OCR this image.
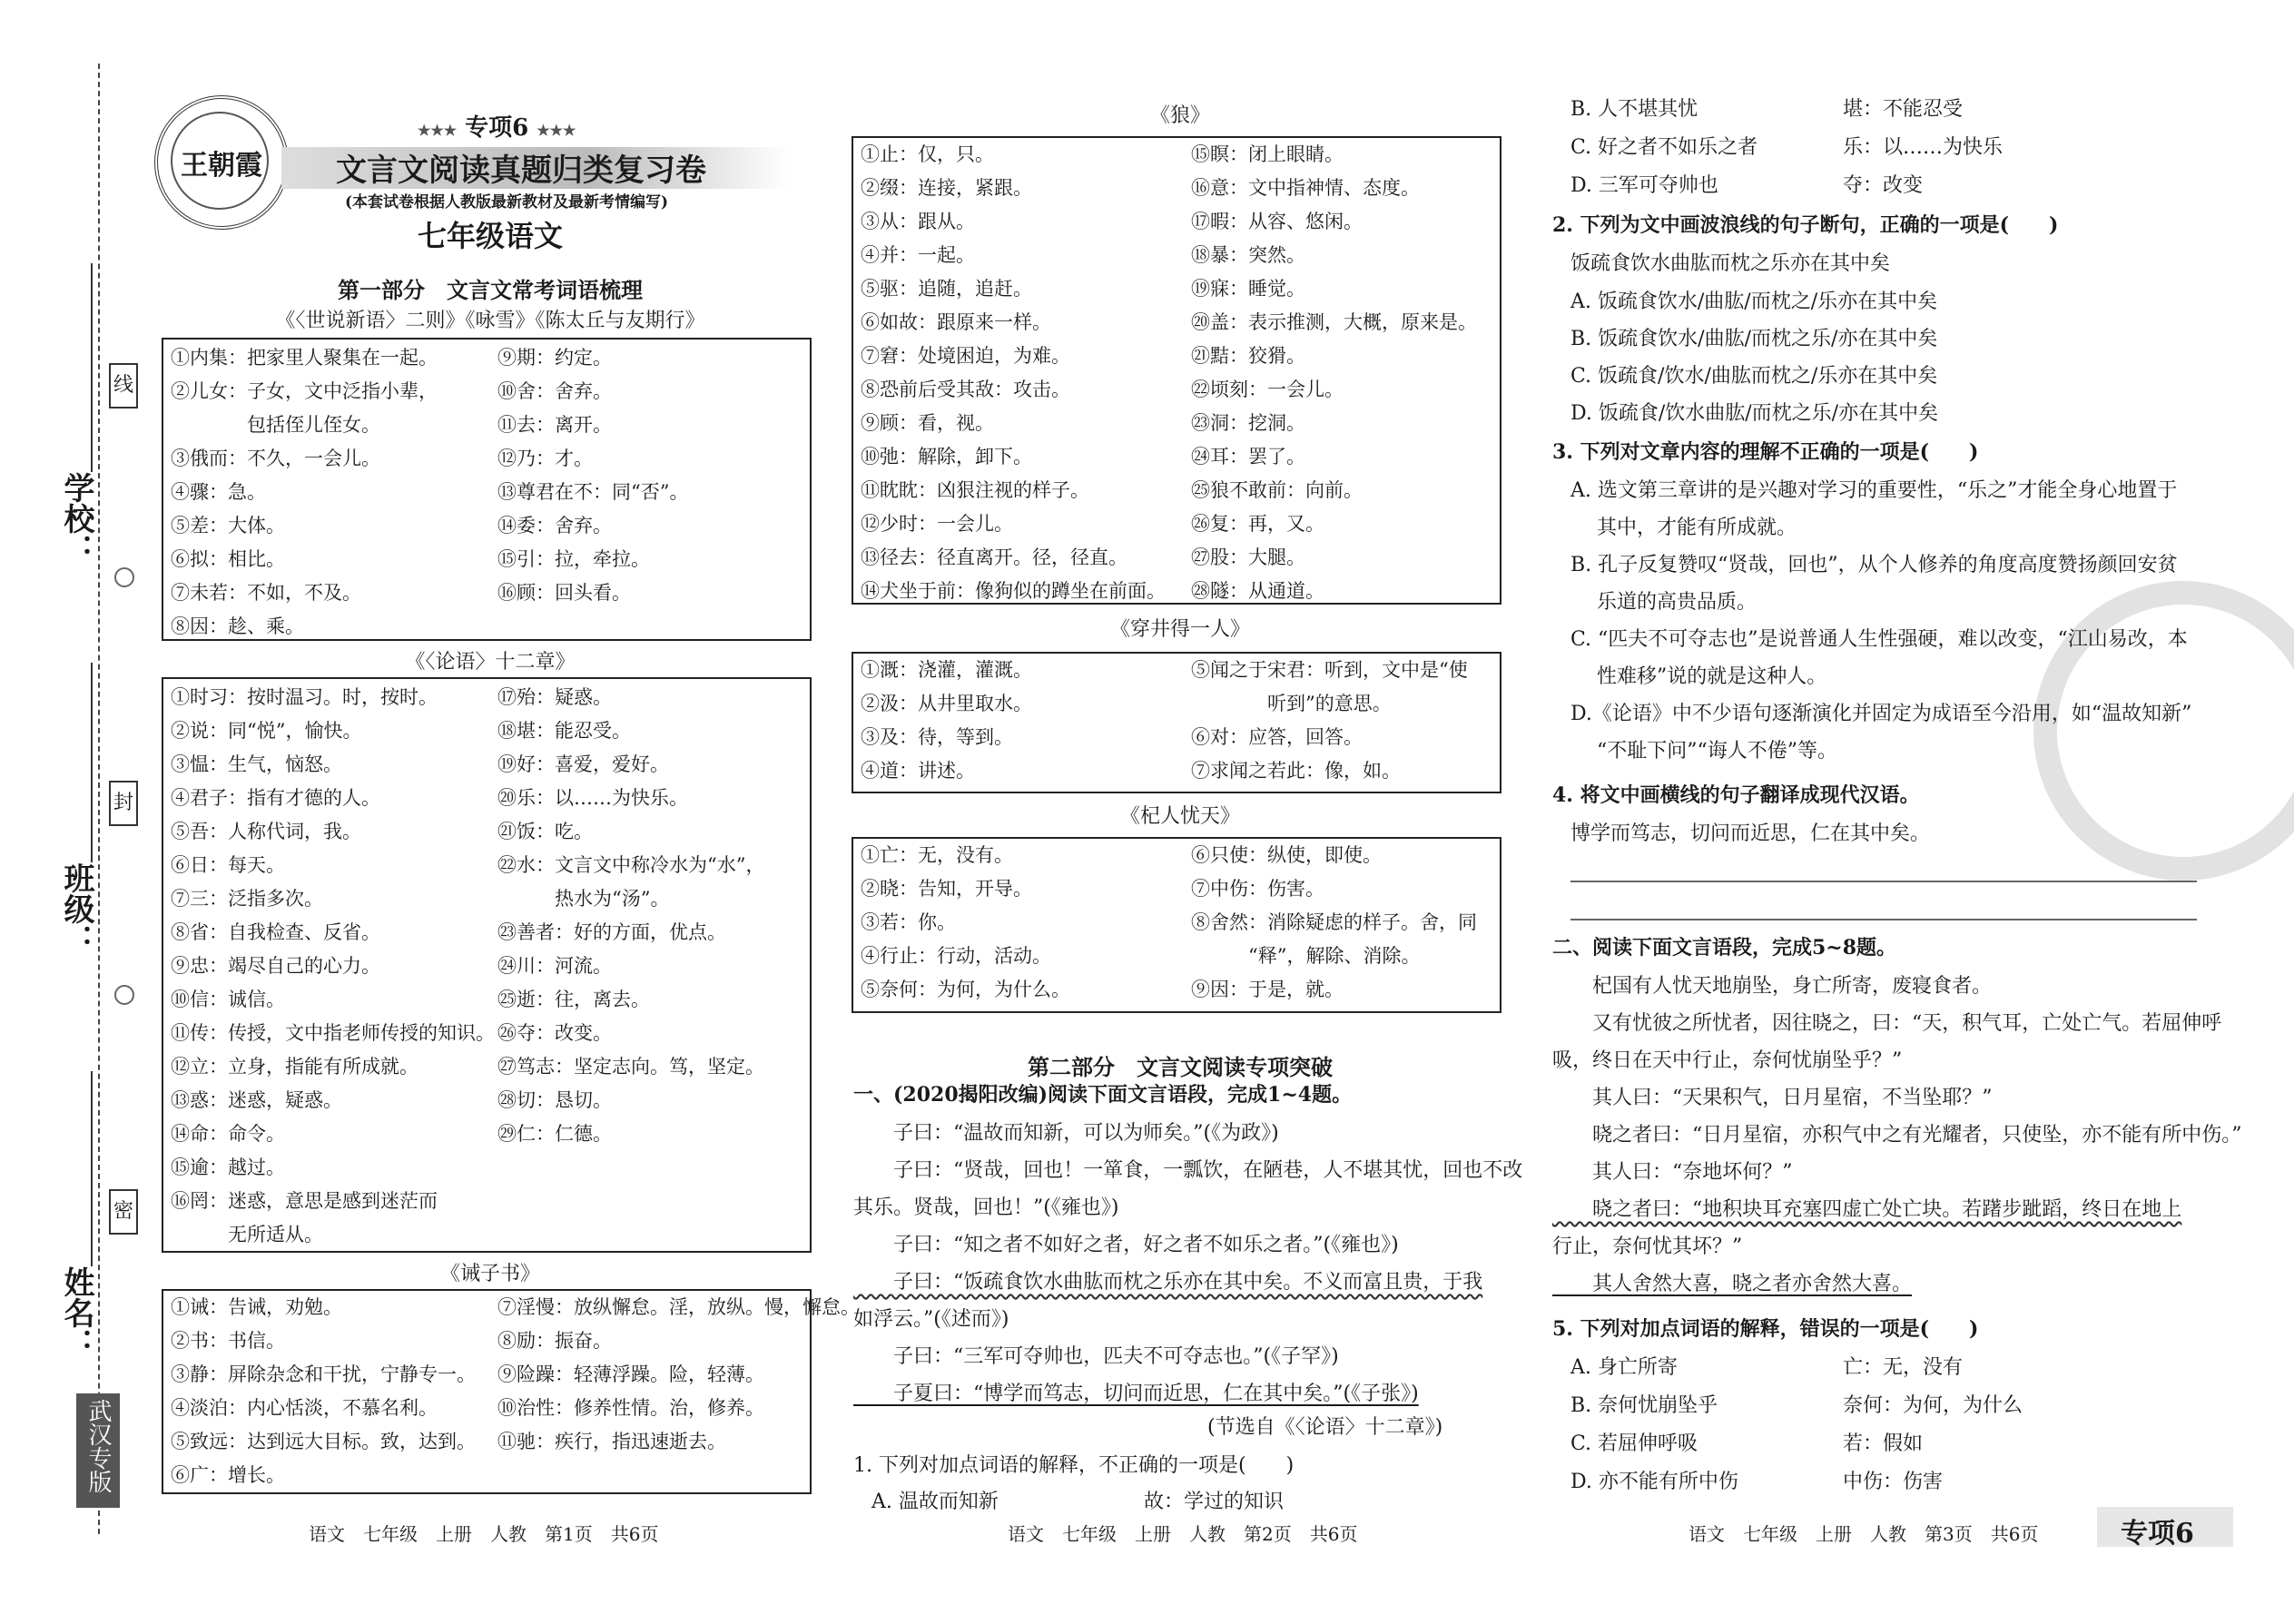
线
封
密
学校：
班级：
姓名：
武汉专版
王朝霞
★★★ 专项6 ★★★
文言文阅读真题归类复习卷
(本套试卷根据人教版最新教材及最新考情编写)
七年级语文
第一部分　文言文常考词语梳理
《〈世说新语〉二则》《咏雪》《陈太丘与友期行》
①内集：把家里人聚集在一起。
②儿女：子女，文中泛指小辈，
　　　　包括侄儿侄女。
③俄而：不久，一会儿。
④骤：急。
⑤差：大体。
⑥拟：相比。
⑦未若：不如，不及。
⑧因：趁、乘。
⑨期：约定。
⑩舍：舍弃。
⑪去：离开。
⑫乃：才。
⑬尊君在不：同“否”。
⑭委：舍弃。
⑮引：拉，牵拉。
⑯顾：回头看。
《〈论语〉十二章》
①时习：按时温习。时，按时。
②说：同“悦”，愉快。
③愠：生气，恼怒。
④君子：指有才德的人。
⑤吾：人称代词，我。
⑥日：每天。
⑦三：泛指多次。
⑧省：自我检查、反省。
⑨忠：竭尽自己的心力。
⑩信：诚信。
⑪传：传授，文中指老师传授的知识。
⑫立：立身，指能有所成就。
⑬惑：迷惑，疑惑。
⑭命：命令。
⑮逾：越过。
⑯罔：迷惑，意思是感到迷茫而
　　　无所适从。
⑰殆：疑惑。
⑱堪：能忍受。
⑲好：喜爱，爱好。
⑳乐：以……为快乐。
㉑饭：吃。
㉒水：文言文中称冷水为“水”，
　　　热水为“汤”。
㉓善者：好的方面，优点。
㉔川：河流。
㉕逝：往，离去。
㉖夺：改变。
㉗笃志：坚定志向。笃，坚定。
㉘切：恳切。
㉙仁：仁德。
《诫子书》
①诫：告诫，劝勉。
②书：书信。
③静：屏除杂念和干扰，宁静专一。
④淡泊：内心恬淡，不慕名利。
⑤致远：达到远大目标。致，达到。
⑥广：增长。
⑦淫慢：放纵懈怠。淫，放纵。慢，懈怠。
⑧励：振奋。
⑨险躁：轻薄浮躁。险，轻薄。
⑩治性：修养性情。治，修养。
⑪驰：疾行，指迅速逝去。
语文　七年级　上册　人教　第1页　共6页
《狼》
①止：仅，只。
②缀：连接，紧跟。
③从：跟从。
④并：一起。
⑤驱：追随，追赶。
⑥如故：跟原来一样。
⑦窘：处境困迫，为难。
⑧恐前后受其敌：攻击。
⑨顾：看，视。
⑩弛：解除，卸下。
⑪眈眈：凶狠注视的样子。
⑫少时：一会儿。
⑬径去：径直离开。径，径直。
⑭犬坐于前：像狗似的蹲坐在前面。
⑮瞑：闭上眼睛。
⑯意：文中指神情、态度。
⑰暇：从容、悠闲。
⑱暴：突然。
⑲寐：睡觉。
⑳盖：表示推测，大概，原来是。
㉑黠：狡猾。
㉒顷刻：一会儿。
㉓洞：挖洞。
㉔耳：罢了。
㉕狼不敢前：向前。
㉖复：再，又。
㉗股：大腿。
㉘隧：从通道。
《穿井得一人》
①溉：浇灌，灌溉。
②汲：从井里取水。
③及：待，等到。
④道：讲述。
⑤闻之于宋君：听到，文中是“使
　　　　听到”的意思。
⑥对：应答，回答。
⑦求闻之若此：像，如。
《杞人忧天》
①亡：无，没有。
②晓：告知，开导。
③若：你。
④行止：行动，活动。
⑤奈何：为何，为什么。
⑥只使：纵使，即使。
⑦中伤：伤害。
⑧舍然：消除疑虑的样子。舍，同
　　　“释”，解除、消除。
⑨因：于是，就。
第二部分　文言文阅读专项突破
一、(2020揭阳改编)阅读下面文言语段，完成1~4题。
　　子曰：“温故而知新，可以为师矣。”(《为政》)
　　子曰：“贤哉，回也！一箪食，一瓢饮，在陋巷，人不堪其忧，回也不改
其乐。贤哉，回也！”(《雍也》)
　　子曰：“知之者不如好之者，好之者不如乐之者。”(《雍也》)
　　子曰：“饭疏食饮水曲肱而枕之乐亦在其中矣。不义而富且贵，于我
如浮云。”(《述而》)
　　子曰：“三军可夺帅也，匹夫不可夺志也。”(《子罕》)
　　子夏曰：“博学而笃志，切问而近思，仁在其中矣。”(《子张》)
(节选自《〈论语〉十二章》)
1. 下列对加点词语的解释，不正确的一项是(　　)
A. 温故而知新	故：学过的知识
语文　七年级　上册　人教　第2页　共6页
B. 人不堪其忧	堪：不能忍受
C. 好之者不如乐之者	乐：以……为快乐
D. 三军可夺帅也	夺：改变
2. 下列为文中画波浪线的句子断句，正确的一项是(　　)
饭疏食饮水曲肱而枕之乐亦在其中矣
A. 饭疏食饮水/曲肱/而枕之/乐亦在其中矣
B. 饭疏食饮水/曲肱/而枕之乐/亦在其中矣
C. 饭疏食/饮水/曲肱而枕之/乐亦在其中矣
D. 饭疏食/饮水曲肱/而枕之乐/亦在其中矣
3. 下列对文章内容的理解不正确的一项是(　　)
A. 选文第三章讲的是兴趣对学习的重要性，“乐之”才能全身心地置于
　 其中，才能有所成就。
B. 孔子反复赞叹“贤哉，回也”，从个人修养的角度高度赞扬颜回安贫
　 乐道的高贵品质。
C. “匹夫不可夺志也”是说普通人生性强硬，难以改变，“江山易改，本
　 性难移”说的就是这种人。
D.《论语》中不少语句逐渐演化并固定为成语至今沿用，如“温故知新”
　 “不耻下问”“诲人不倦”等。
4. 将文中画横线的句子翻译成现代汉语。
博学而笃志，切问而近思，仁在其中矣。
二、阅读下面文言语段，完成5~8题。
　　杞国有人忧天地崩坠，身亡所寄，废寝食者。
　　又有忧彼之所忧者，因往晓之，曰：“天，积气耳，亡处亡气。若屈伸呼
吸，终日在天中行止，奈何忧崩坠乎？”
　　其人曰：“天果积气，日月星宿，不当坠耶？”
　　晓之者曰：“日月星宿，亦积气中之有光耀者，只使坠，亦不能有所中伤。”
　　其人曰：“奈地坏何？”
　　晓之者曰：“地积块耳充塞四虚亡处亡块。若躇步跐蹈，终日在地上
行止，奈何忧其坏？”
　　其人舍然大喜，晓之者亦舍然大喜。
5. 下列对加点词语的解释，错误的一项是(　　)
A. 身亡所寄	亡：无，没有
B. 奈何忧崩坠乎	奈何：为何，为什么
C. 若屈伸呼吸	若：假如
D. 亦不能有所中伤	中伤：伤害
语文　七年级　上册　人教　第3页　共6页	专项6
